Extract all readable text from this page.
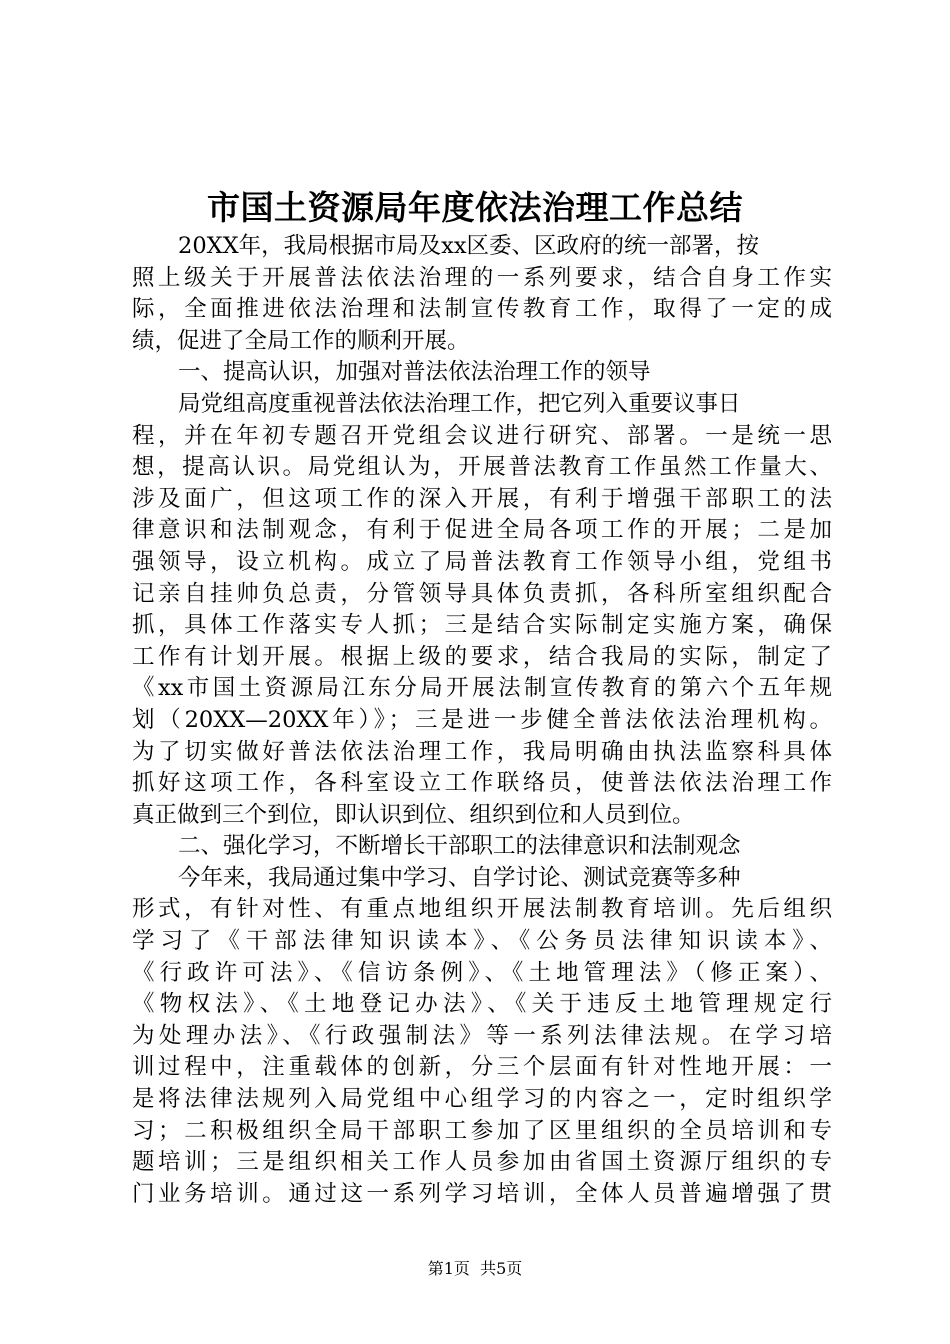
市国土资源局年度依法治理工作总结
20XX年，我局根据市局及xx区委、区政府的统一部署，按
照上级关于开展普法依法治理的一系列要求，结合自身工作实
际，全面推进依法治理和法制宣传教育工作，取得了一定的成
绩，促进了全局工作的顺利开展。
一、提高认识，加强对普法依法治理工作的领导
局党组高度重视普法依法治理工作，把它列入重要议事日
程，并在年初专题召开党组会议进行研究、部署。一是统一思
想，提高认识。局党组认为，开展普法教育工作虽然工作量大、
涉及面广，但这项工作的深入开展，有利于增强干部职工的法
律意识和法制观念，有利于促进全局各项工作的开展；二是加
强领导，设立机构。成立了局普法教育工作领导小组，党组书
记亲自挂帅负总责，分管领导具体负责抓，各科所室组织配合
抓，具体工作落实专人抓；三是结合实际制定实施方案，确保
工作有计划开展。根据上级的要求，结合我局的实际，制定了
《xx市国土资源局江东分局开展法制宣传教育的第六个五年规
划（20XX—20XX年）》；三是进一步健全普法依法治理机构。
为了切实做好普法依法治理工作，我局明确由执法监察科具体
抓好这项工作，各科室设立工作联络员，使普法依法治理工作
真正做到三个到位，即认识到位、组织到位和人员到位。
二、强化学习，不断增长干部职工的法律意识和法制观念
今年来，我局通过集中学习、自学讨论、测试竞赛等多种
形式，有针对性、有重点地组织开展法制教育培训。先后组织
学习了《干部法律知识读本》、《公务员法律知识读本》、
《行政许可法》、《信访条例》、《土地管理法》（修正案）、
《物权法》、《土地登记办法》、《关于违反土地管理规定行
为处理办法》、《行政强制法》等一系列法律法规。在学习培
训过程中，注重载体的创新，分三个层面有针对性地开展：一
是将法律法规列入局党组中心组学习的内容之一，定时组织学
习；二积极组织全局干部职工参加了区里组织的全员培训和专
题培训；三是组织相关工作人员参加由省国土资源厅组织的专
门业务培训。通过这一系列学习培训，全体人员普遍增强了贯
第1页  共5页
